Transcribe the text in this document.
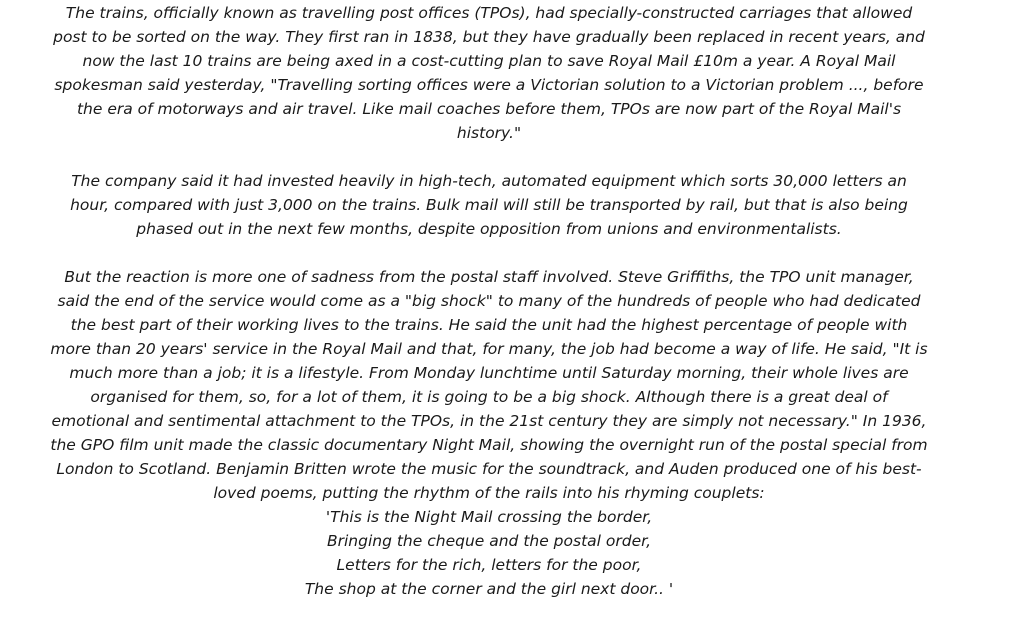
The trains, officially known as travelling post offices (TPOs), had specially-constructed carriages that allowed post to be sorted on the way. They first ran in 1838, but they have gradually been replaced in recent years, and now the last 10 trains are being axed in a cost-cutting plan to save Royal Mail £10m a year. A Royal Mail spokesman said yesterday, "Travelling sorting offices were a Victorian solution to a Victorian problem ..., before the era of motorways and air travel. Like mail coaches before them, TPOs are now part of the Royal Mail's history."

The company said it had invested heavily in high-tech, automated equipment which sorts 30,000 letters an hour, compared with just 3,000 on the trains. Bulk mail will still be transported by rail, but that is also being phased out in the next few months, despite opposition from unions and environmentalists.

But the reaction is more one of sadness from the postal staff involved. Steve Griffiths, the TPO unit manager, said the end of the service would come as a "big shock" to many of the hundreds of people who had dedicated the best part of their working lives to the trains. He said the unit had the highest percentage of people with more than 20 years' service in the Royal Mail and that, for many, the job had become a way of life. He said, "It is much more than a job; it is a lifestyle. From Monday lunchtime until Saturday morning, their whole lives are organised for them, so, for a lot of them, it is going to be a big shock. Although there is a great deal of emotional and sentimental attachment to the TPOs, in the 21st century they are simply not necessary." In 1936, the GPO film unit made the classic documentary Night Mail, showing the overnight run of the postal special from London to Scotland. Benjamin Britten wrote the music for the soundtrack, and Auden produced one of his best-loved poems, putting the rhythm of the rails into his rhyming couplets:
'This is the Night Mail crossing the border,
Bringing the cheque and the postal order,
Letters for the rich, letters for the poor,
The shop at the corner and the girl next door.. '
